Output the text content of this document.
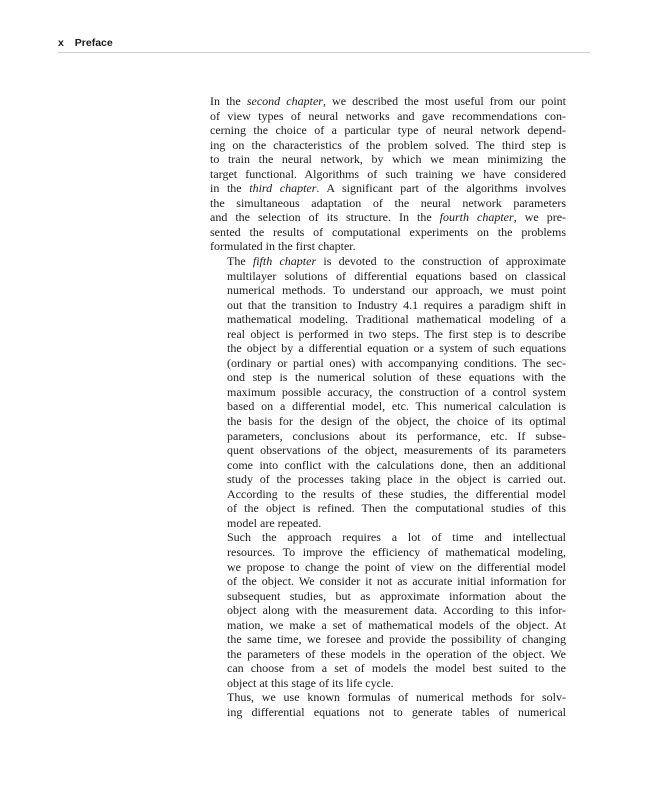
x Preface

In the second chapter, we described the most useful from our point
of view types of neural networks and gave recommendations con-
cerning the choice of a particular type of neural network depend-
ing on the characteristics of the problem solved. The third step is
to train the neural network, by which we mean minimizing the
target functional. Algorithms of such training we have considered
in the third chapter. A significant part of the algorithms involves
the simultaneous adaptation of the neural network parameters
and the selection of its structure. In the fourth chapter, we pre-
sented the results of computational experiments on the problems
formulated in the first chapter.

The fifth chapter is devoted to the construction of approximate
multilayer solutions of differential equations based on classical
numerical methods. To understand our approach, we must point
out that the transition to Industry 4.1 requires a paradigm shift in
mathematical modeling. Traditional mathematical modeling of a
real object is performed in two steps. The first step is to describe
the object by a differential equation or a system of such equations
(ordinary or partial ones) with accompanying conditions. The sec-
ond step is the numerical solution of these equations with the
maximum possible accuracy, the construction of a control system
based on a differential model, etc. This numerical calculation is
the basis for the design of the object, the choice of its optimal
parameters, conclusions about its performance, etc. If subse-
quent observations of the object, measurements of its parameters
come into conflict with the calculations done, then an additional
study of the processes taking place in the object is carried out.
According to the results of these studies, the differential model
of the object is refined. Then the computational studies of this
model are repeated.

Such the approach requires a lot of time and intellectual
resources. To improve the efficiency of mathematical modeling,
we propose to change the point of view on the differential model
of the object. We consider it not as accurate initial information for
subsequent studies, but as approximate information about the
object along with the measurement data. According to this infor-
mation, we make a set of mathematical models of the object. At
the same time, we foresee and provide the possibility of changing
the parameters of these models in the operation of the object. We
can choose from a set of models the model best suited to the
object at this stage of its life cycle.

Thus, we use known formulas of numerical methods for solv-
ing differential equations not to generate tables of numerical
